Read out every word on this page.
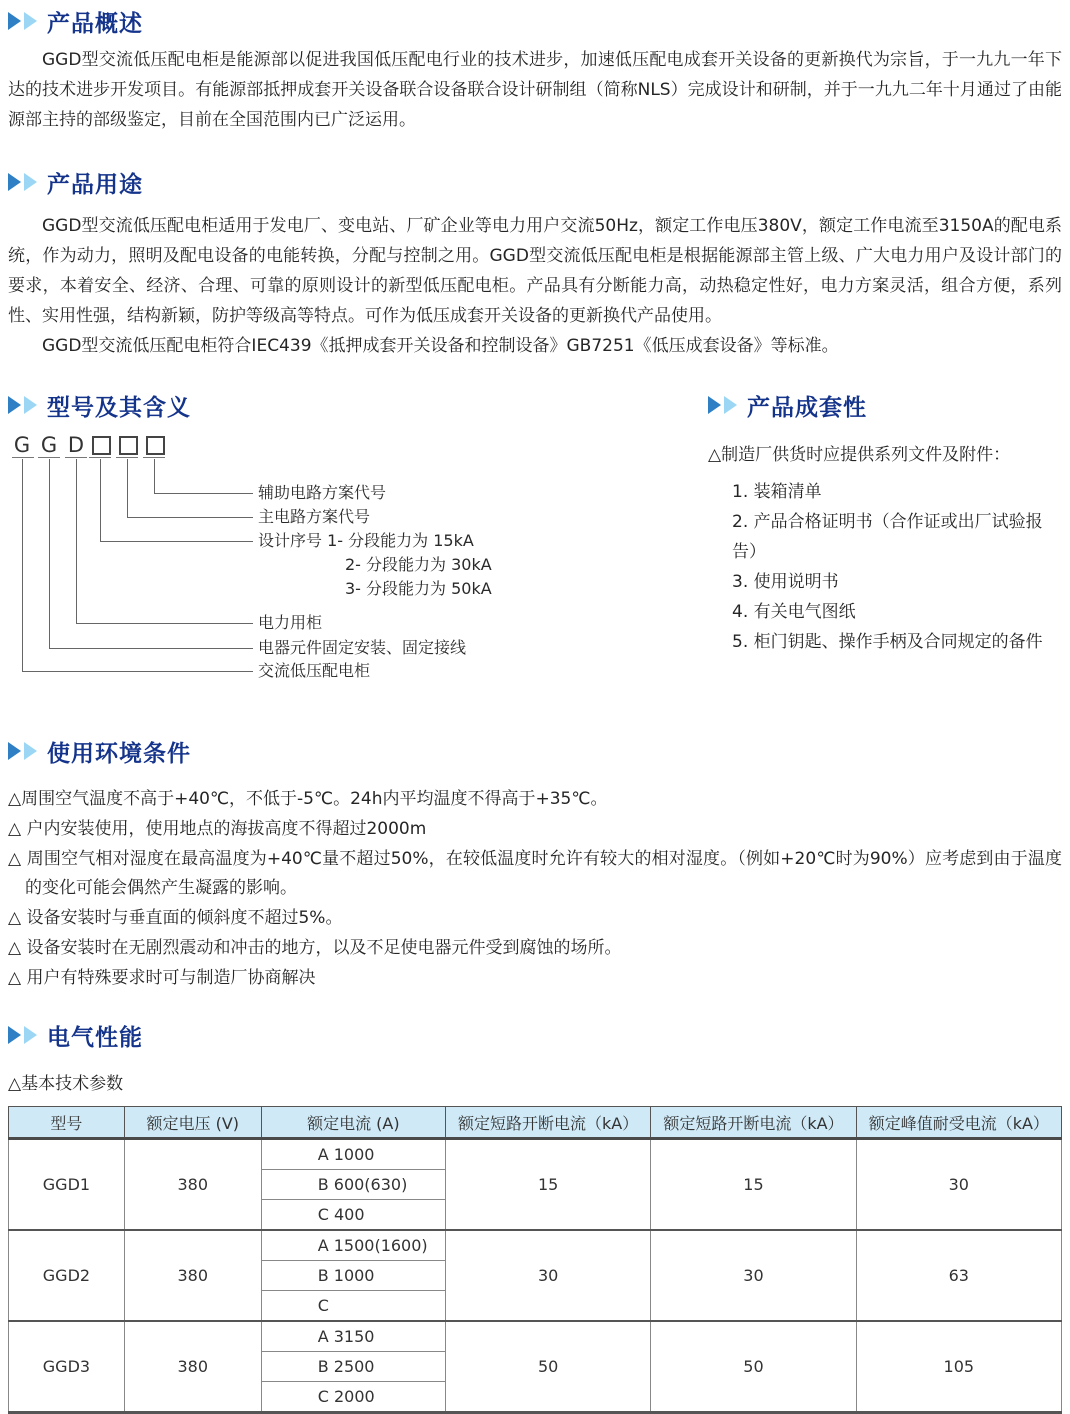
产品概述

GGD型交流低压配电柜是能源部以促进我国低压配电行业的技术进步，加速低压配电成套开关设备的更新换代为宗旨，于一九九一年下达的技术进步开发项目。有能源部抵押成套开关设备联合设备联合设计研制组（简称NLS）完成设计和研制，并于一九九二年十月通过了由能源部主持的部级鉴定，目前在全国范围内已广泛运用。

产品用途

GGD型交流低压配电柜适用于发电厂、变电站、厂矿企业等电力用户交流50Hz，额定工作电压380V，额定工作电流至3150A的配电系统，作为动力，照明及配电设备的电能转换，分配与控制之用。GGD型交流低压配电柜是根据能源部主管上级、广大电力用户及设计部门的要求，本着安全、经济、合理、可靠的原则设计的新型低压配电柜。产品具有分断能力高，动热稳定性好，电力方案灵活，组合方便，系列性、实用性强，结构新颖，防护等级高等特点。可作为低压成套开关设备的更新换代产品使用。

GGD型交流低压配电柜符合IEC439《抵押成套开关设备和控制设备》GB7251《低压成套设备》等标准。

型号及其含义
G G D
辅助电路方案代号
主电路方案代号
设计序号 1- 分段能力为 15kA
2- 分段能力为 30kA
3- 分段能力为 50kA
电力用柜
电器元件固定安装、固定接线
交流低压配电柜
产品成套性

△制造厂供货时应提供系列文件及附件：

1. 装箱清单

2. 产品合格证明书（合作证或出厂试验报告）

3. 使用说明书

4. 有关电气图纸

5. 柜门钥匙、操作手柄及合同规定的备件

使用环境条件

△周围空气温度不高于+40℃，不低于-5℃。24h内平均温度不得高于+35℃。

△ 户内安装使用，使用地点的海拔高度不得超过2000m

△ 周围空气相对湿度在最高温度为+40℃量不超过50%，在较低温度时允许有较大的相对湿度。（例如+20℃时为90%）应考虑到由于温度的变化可能会偶然产生凝露的影响。

△ 设备安装时与垂直面的倾斜度不超过5%。

△ 设备安装时在无剧烈震动和冲击的地方，以及不足使电器元件受到腐蚀的场所。

△ 用户有特殊要求时可与制造厂协商解决

电气性能

△基本技术参数

型号	额定电压 (V)	额定电流 (A)	额定短路开断电流（kA）	额定短路开断电流（kA）	额定峰值耐受电流（kA）
GGD1	380	A 1000	15	15	30
		B 600(630)			
		C 400			
GGD2	380	A 1500(1600)	30	30	63
		B 1000			
		C			
GGD3	380	A 3150	50	50	105
		B 2500			
		C 2000			
